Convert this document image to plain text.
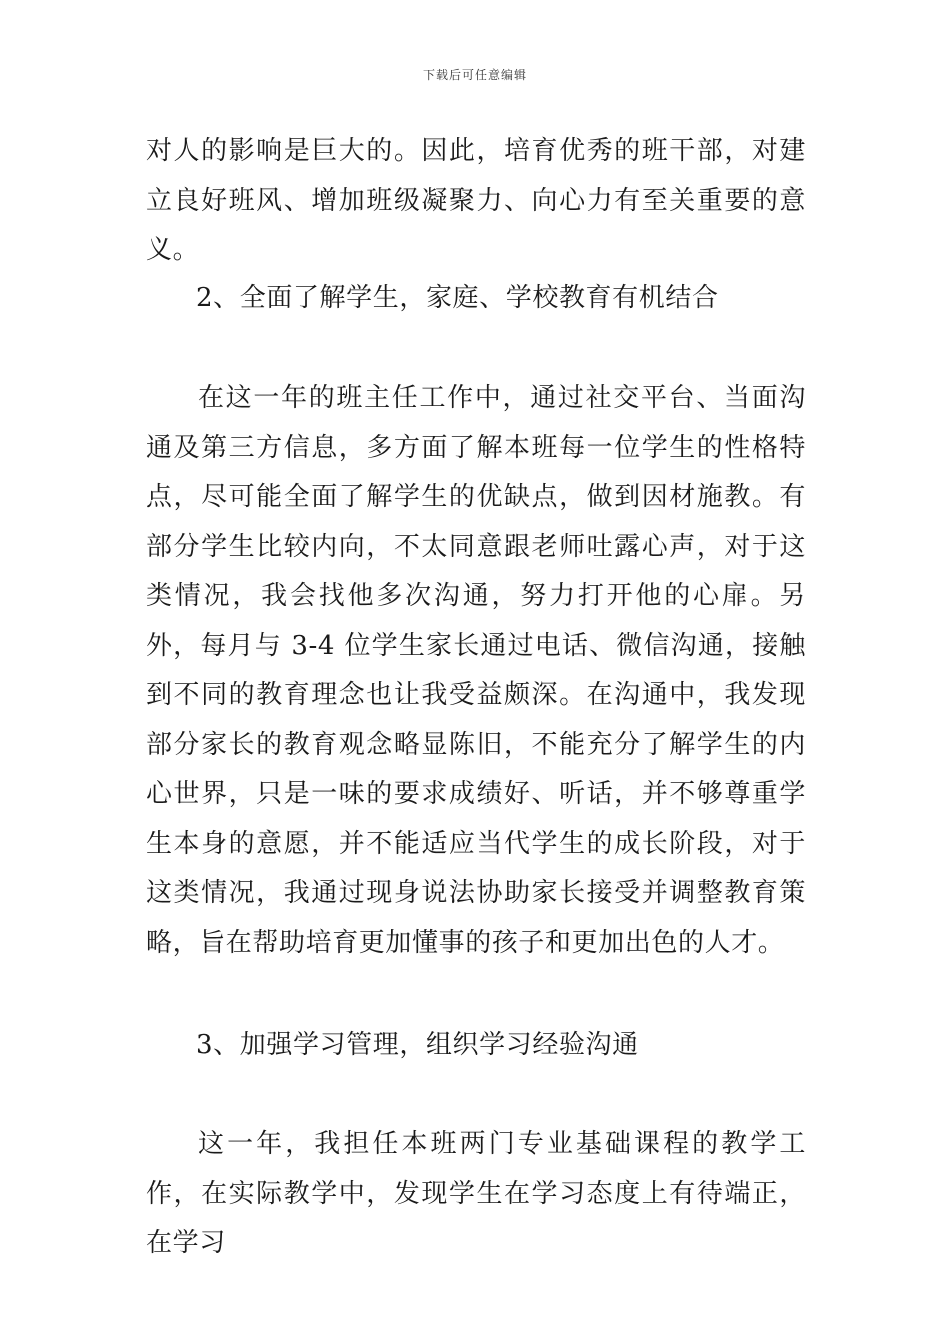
下载后可任意编辑

对人的影响是巨大的。因此，培育优秀的班干部，对建立良好班风、增加班级凝聚力、向心力有至关重要的意义。

2、全面了解学生，家庭、学校教育有机结合

在这一年的班主任工作中，通过社交平台、当面沟通及第三方信息，多方面了解本班每一位学生的性格特点，尽可能全面了解学生的优缺点，做到因材施教。有部分学生比较内向，不太同意跟老师吐露心声，对于这类情况，我会找他多次沟通，努力打开他的心扉。另外，每月与 3-4 位学生家长通过电话、微信沟通，接触到不同的教育理念也让我受益颇深。在沟通中，我发现部分家长的教育观念略显陈旧，不能充分了解学生的内心世界，只是一味的要求成绩好、听话，并不够尊重学生本身的意愿，并不能适应当代学生的成长阶段，对于这类情况，我通过现身说法协助家长接受并调整教育策略，旨在帮助培育更加懂事的孩子和更加出色的人才。

3、加强学习管理，组织学习经验沟通

这一年，我担任本班两门专业基础课程的教学工作，在实际教学中，发现学生在学习态度上有待端正，在学习
